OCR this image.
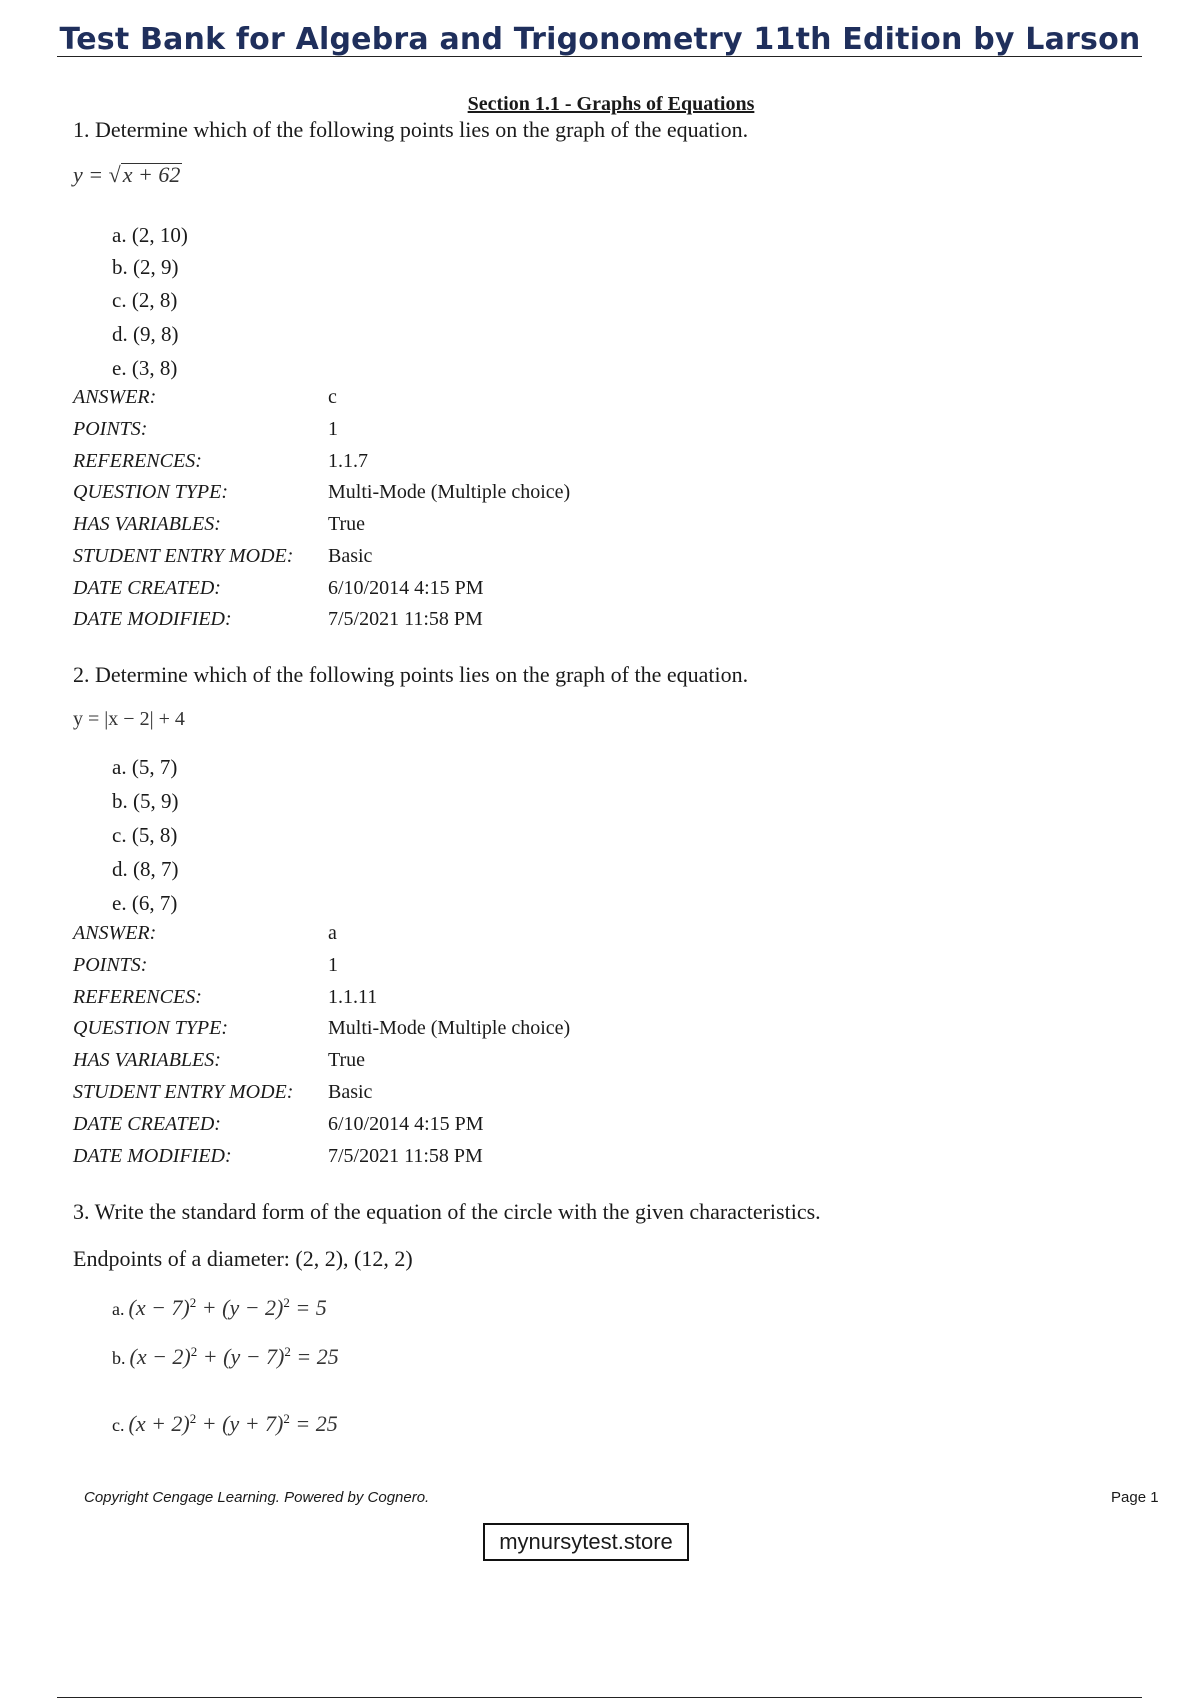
Test Bank for Algebra and Trigonometry 11th Edition by Larson
Section 1.1 - Graphs of Equations
1. Determine which of the following points lies on the graph of the equation.
y = √x + 62
a. (2, 10)
b. (2, 9)
c. (2, 8)
d. (9, 8)
e. (3, 8)
ANSWER:	c
POINTS:	1
REFERENCES:	1.1.7
QUESTION TYPE:	Multi-Mode (Multiple choice)
HAS VARIABLES:	True
STUDENT ENTRY MODE: Basic
DATE CREATED:	6/10/2014 4:15 PM
DATE MODIFIED:	7/5/2021 11:58 PM
2. Determine which of the following points lies on the graph of the equation.
y = |x − 2| + 4
a. (5, 7)
b. (5, 9)
c. (5, 8)
d. (8, 7)
e. (6, 7)
ANSWER:	a
POINTS:	1
REFERENCES:	1.1.11
QUESTION TYPE:	Multi-Mode (Multiple choice)
HAS VARIABLES:	True
STUDENT ENTRY MODE: Basic
DATE CREATED:	6/10/2014 4:15 PM
DATE MODIFIED:	7/5/2021 11:58 PM
3. Write the standard form of the equation of the circle with the given characteristics.
Endpoints of a diameter: (2, 2), (12, 2)
a. $(x - 7)^2 + (y - 2)^2 = 5$
b. $(x - 2)^2 + (y - 7)^2 = 25$
c. $(x + 2)^2 + (y + 7)^2 = 25$
Copyright Cengage Learning. Powered by Cognero.	Page 1
mynursytest.store
